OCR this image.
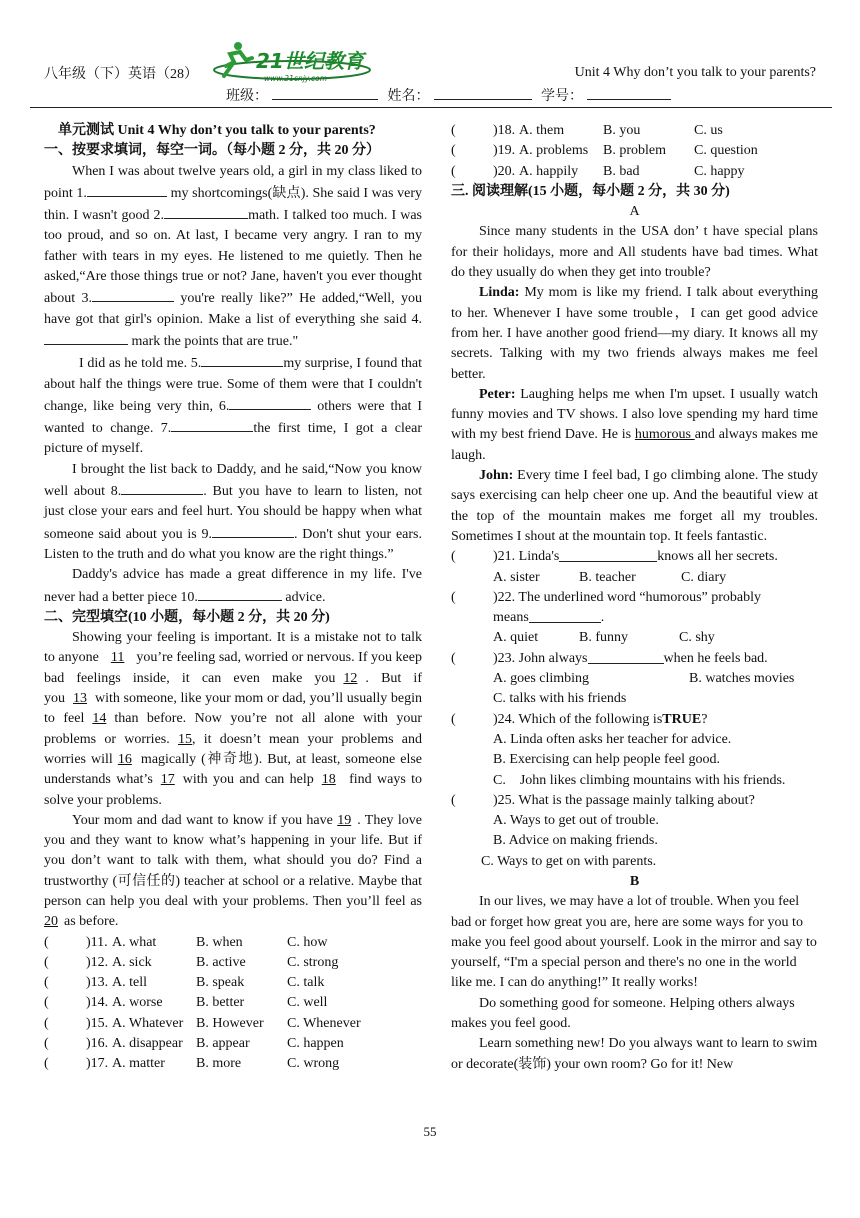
八年级（下）英语（28）
21世纪教育
www.21cnjy.com	Unit 4 Why don’t you talk to your parents?
班级：	姓名：	学号：

单元测试 Unit 4 Why don’t you talk to your parents?

一、按要求填词，每空一词。（每小题 2 分，共 20 分）

When I was about twelve years old, a girl in my class liked to point 1.	my shortcomings(缺点). She said I was very thin. I wasn't good 2.	math. I talked too much. I was too proud, and so on. At last, I became very angry. I ran to my father with tears in my eyes. He listened to me quietly. Then he asked,“Are those things true or not? Jane, haven't you ever thought about 3.	you're really like?” He added,“Well, you have got that girl's opinion. Make a list of everything she said 4. mark the points that are true."

I did as he told me. 5.	my surprise, I found that about half the things were true. Some of them were that I couldn't change, like being very thin, 6.	others were that I wanted to change. 7.	the first time, I got a clear picture of myself.

I brought the list back to Daddy, and he said,“Now you know well about 8.	. But you have to learn to listen, not just close your ears and feel hurt. You should be happy when what someone said about you is 9.	. Don't shut your ears. Listen to the truth and do what you know are the right things.”

Daddy's advice has made a great difference in my life. I've never had a better piece 10.	advice.

二、完型填空(10 小题，每小题 2 分，共 20 分)

Showing your feeling is important. It is a mistake not to talk to anyone 11 you’re feeling sad, worried or nervous. If you keep bad feelings inside, it can even make you 12 . But if you 13 with someone, like your mom or dad, you’ll usually begin to feel 14 than before. Now you’re not all alone with your problems or worries. 15, it doesn’t mean your problems and worries will 16 magically (神奇地). But, at least, someone else understands what’s 17 with you and can help 18 find ways to solve your problems.

Your mom and dad want to know if you have 19 . They love you and they want to know what’s happening in your life. But if you don’t want to talk with them, what should you do? Find a trustworthy (可信任的) teacher at school or a relative. Maybe that person can help you deal with your problems. Then you’ll feel as 20 as before.

(	)11. A. what	B. when	C. how
(	)12. A. sick	B. active	C. strong
(	)13. A. tell	B. speak	C. talk
(	)14. A. worse	B. better	C. well
(	)15. A. Whatever B. However	C. Whenever
(	)16. A. disappear B. appear	C. happen
(	)17. A. matter	B. more	C. wrong
(	)18. A. them	B. you	C. us
(	)19. A. problems	B. problem	C. question
(	)20. A. happily	B. bad	C. happy

三. 阅读理解(15 小题，每小题 2 分，共 30 分)

A

Since many students in the USA don’ t have special plans for their holidays, more and All students have bad times. What do they usually do when they get into trouble?

Linda: My mom is like my friend. I talk about everything to her. Whenever I have some trouble，I can get good advice from her. I have another good friend—my diary. It knows all my secrets. Talking with my two friends always makes me feel better.

Peter: Laughing helps me when I'm upset. I usually watch funny movies and TV shows. I also love spending my hard time with my best friend Dave. He is humorous and always makes me laugh.

John: Every time I feel bad, I go climbing alone. The study says exercising can help cheer one up. And the beautiful view at the top of the mountain makes me forget all my troubles. Sometimes I shout at the mountain top. It feels fantastic.

(	)21. Linda's	knows all her secrets.
A. sister	B. teacher	C. diary
(	)22. The underlined word “humorous” probably
means	.
A. quiet	B. funny	C. shy
(	)23. John always	when he feels bad.
A. goes climbing	B. watches movies
C. talks with his friends
(	)24. Which of the following is TRUE ?
A. Linda often asks her teacher for advice.
B. Exercising can help people feel good.
C.    John likes climbing mountains with his friends.
(	)25. What is the passage mainly talking about?
A. Ways to get out of trouble.
B. Advice on making friends.
C. Ways to get on with parents.

B

In our lives, we may have a lot of trouble. When you feel bad or forget how great you are, here are some ways for you to make you feel good about yourself. Look in the mirror and say to yourself, “I'm a special person and there's no one in the world like me. I can do anything!” It really works!

Do something good for someone. Helping others always makes you feel good.

Learn something new! Do you always want to learn to swim or decorate(装饰) your own room? Go for it! New

55
